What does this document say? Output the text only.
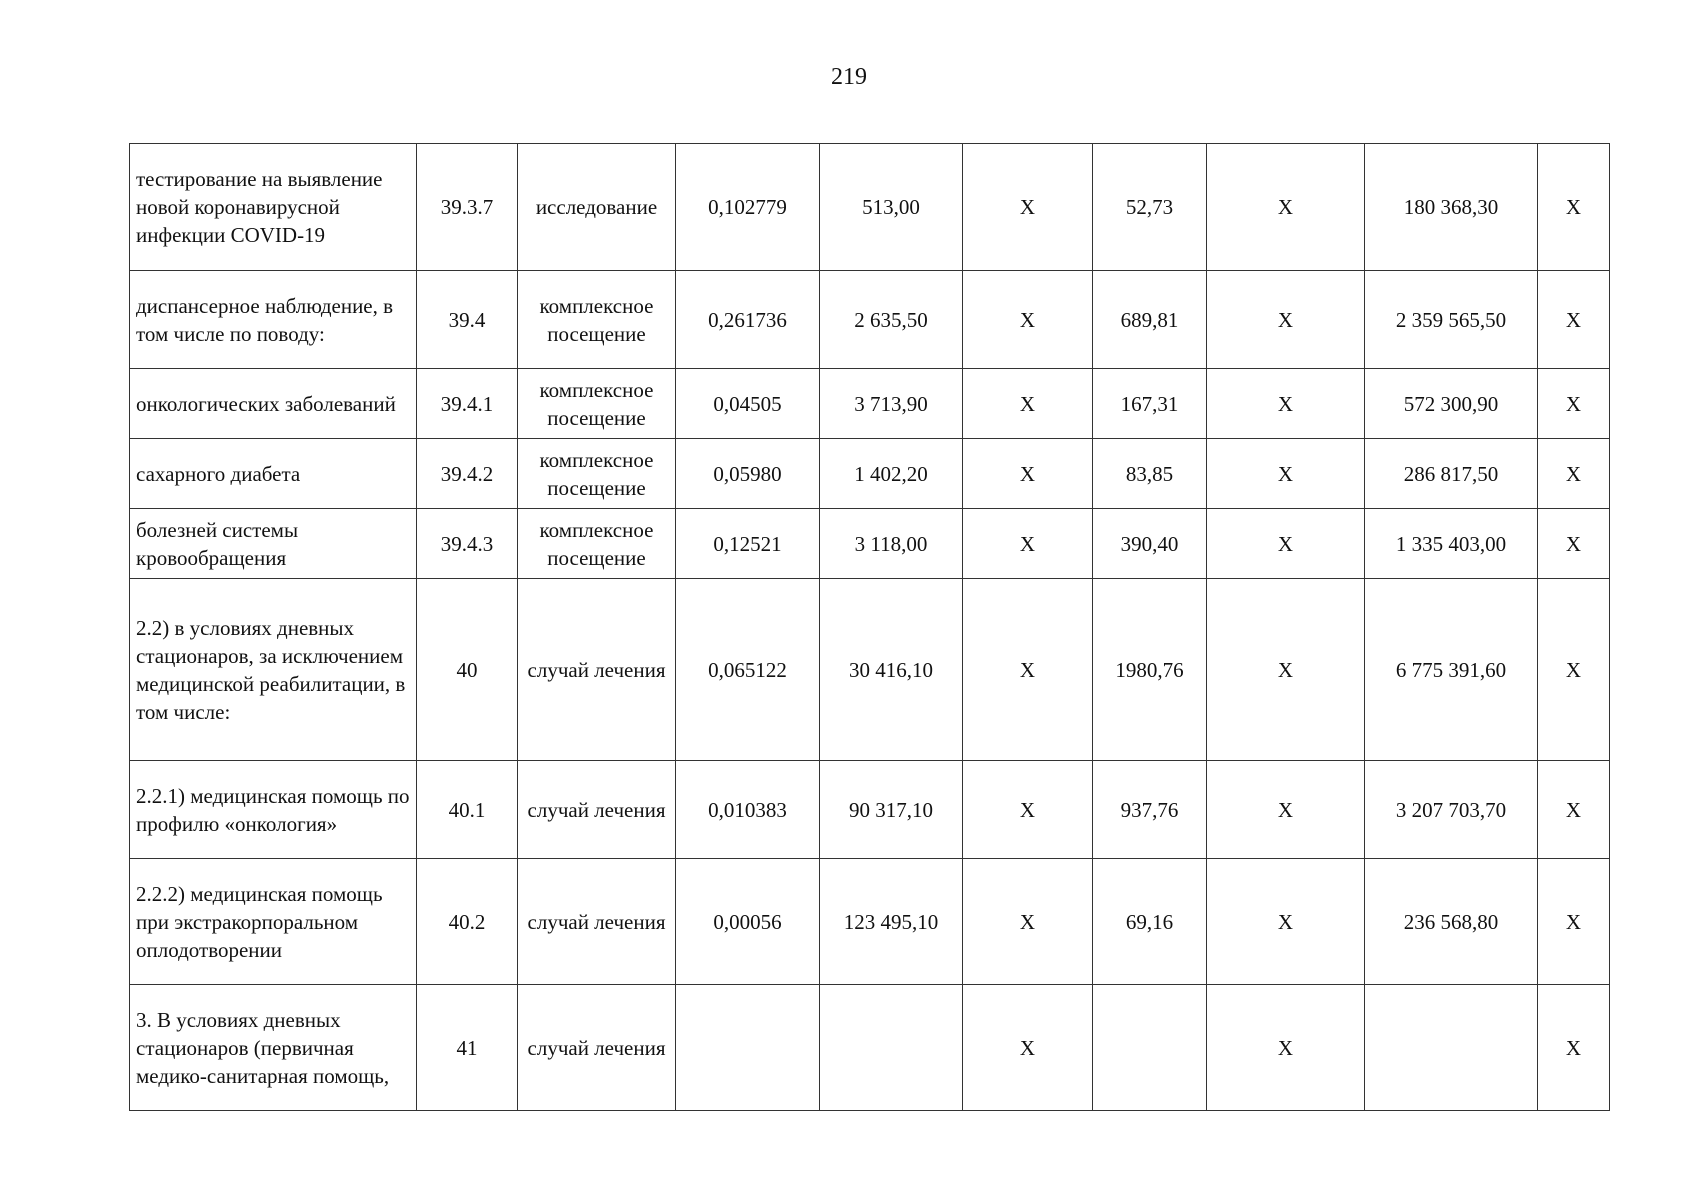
219
тестирование на выявление новой коронавирусной инфекции COVID-19	39.3.7	исследование	0,102779	513,00	X	52,73	X	180 368,30	X
диспансерное наблюдение, в том числе по поводу:	39.4	комплексное посещение	0,261736	2 635,50	X	689,81	X	2 359 565,50	X
онкологических заболеваний	39.4.1	комплексное посещение	0,04505	3 713,90	X	167,31	X	572 300,90	X
сахарного диабета	39.4.2	комплексное посещение	0,05980	1 402,20	X	83,85	X	286 817,50	X
болезней системы кровообращения	39.4.3	комплексное посещение	0,12521	3 118,00	X	390,40	X	1 335 403,00	X
2.2) в условиях дневных стационаров, за исключением медицинской реабилитации, в том числе:	40	случай лечения	0,065122	30 416,10	X	1980,76	X	6 775 391,60	X
2.2.1) медицинская помощь по профилю «онкология»	40.1	случай лечения	0,010383	90 317,10	X	937,76	X	3 207 703,70	X
2.2.2) медицинская помощь при экстракорпоральном оплодотворении	40.2	случай лечения	0,00056	123 495,10	X	69,16	X	236 568,80	X
3. В условиях дневных стационаров (первичная медико-санитарная помощь,	41	случай лечения			X		X		X
